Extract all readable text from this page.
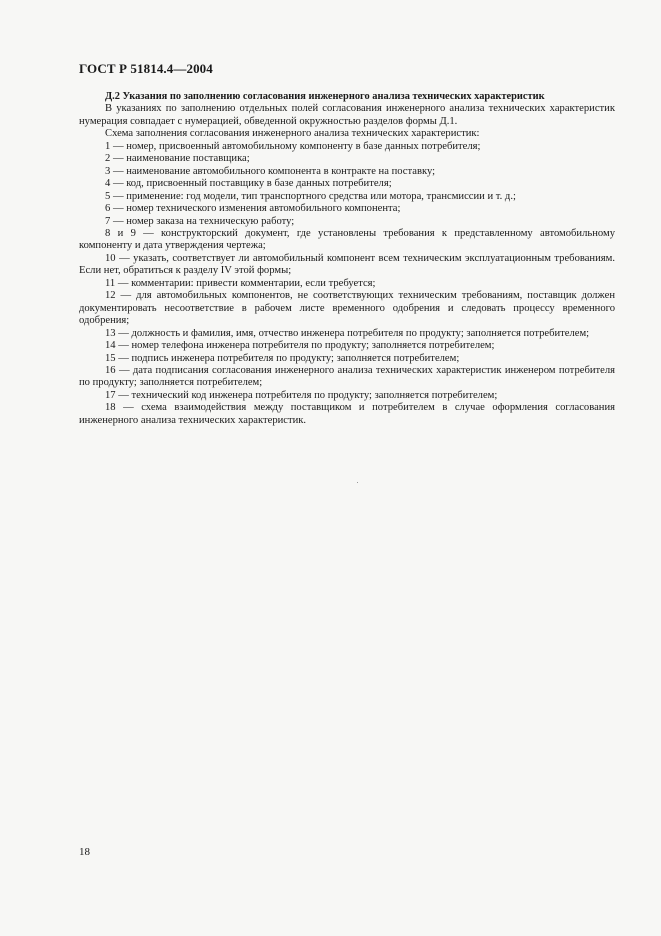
ГОСТ Р 51814.4—2004

Д.2 Указания по заполнению согласования инженерного анализа технических характеристик

В указаниях по заполнению отдельных полей согласования инженерного анализа технических характеристик нумерация совпадает с нумерацией, обведенной окружностью разделов формы Д.1.

Схема заполнения согласования инженерного анализа технических характеристик:

1 — номер, присвоенный автомобильному компоненту в базе данных потребителя;

2 — наименование поставщика;

3 — наименование автомобильного компонента в контракте на поставку;

4 — код, присвоенный поставщику в базе данных потребителя;

5 — применение: год модели, тип транспортного средства или мотора, трансмиссии и т. д.;

6 — номер технического изменения автомобильного компонента;

7 — номер заказа на техническую работу;

8 и 9 — конструкторский документ, где установлены требования к представленному автомобильному компоненту и дата утверждения чертежа;

10 — указать, соответствует ли автомобильный компонент всем техническим эксплуатационным требованиям. Если нет, обратиться к разделу IV этой формы;

11 — комментарии: привести комментарии, если требуется;

12 — для автомобильных компонентов, не соответствующих техническим требованиям, поставщик должен документировать несоответствие в рабочем листе временного одобрения и следовать процессу временного одобрения;

13 — должность и фамилия, имя, отчество инженера потребителя по продукту; заполняется потребителем;

14 — номер телефона инженера потребителя по продукту; заполняется потребителем;

15 — подпись инженера потребителя по продукту; заполняется потребителем;

16 — дата подписания согласования инженерного анализа технических характеристик инженером потребителя по продукту; заполняется потребителем;

17 — технический код инженера потребителя по продукту; заполняется потребителем;

18 — схема взаимодействия между поставщиком и потребителем в случае оформления согласования инженерного анализа технических характеристик.

18
